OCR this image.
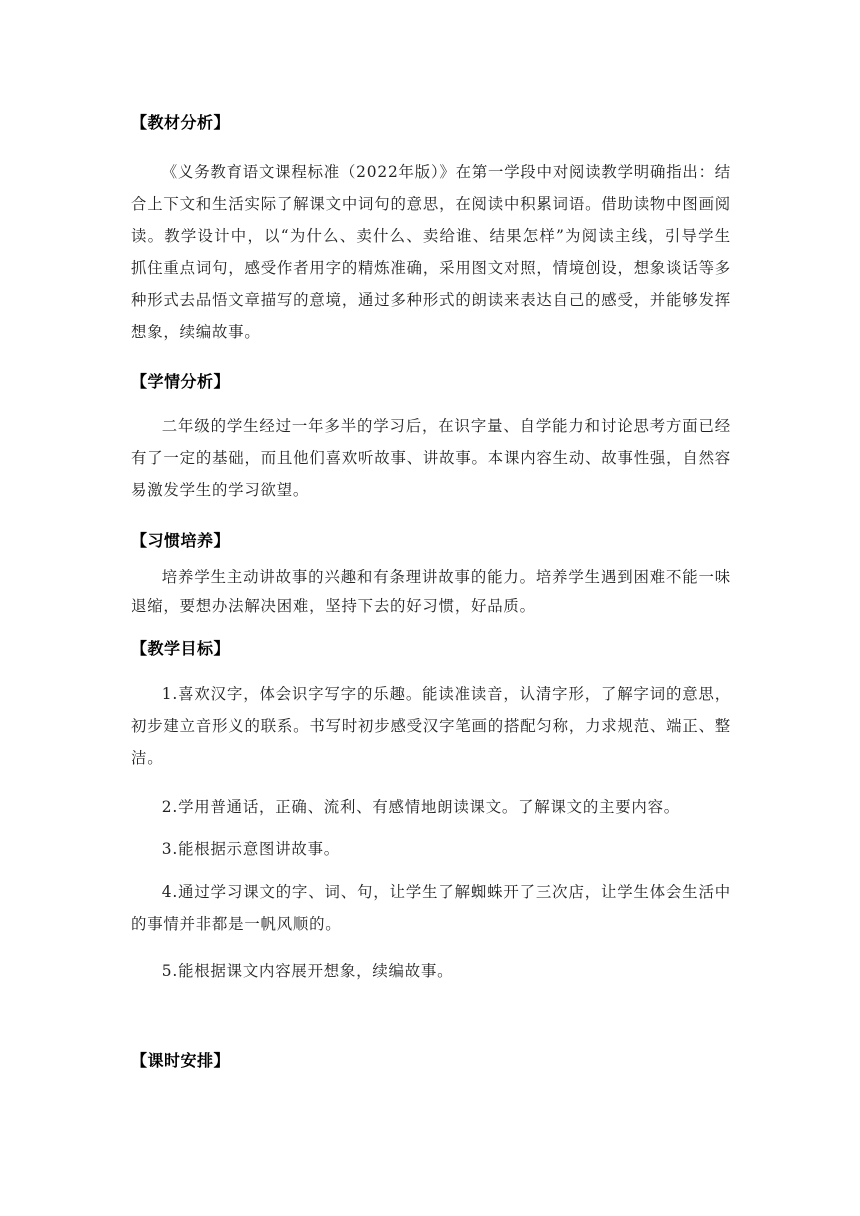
【教材分析】
《义务教育语文课程标准（2022年版）》在第一学段中对阅读教学明确指出：结合上下文和生活实际了解课文中词句的意思，在阅读中积累词语。借助读物中图画阅读。教学设计中，以“为什么、卖什么、卖给谁、结果怎样”为阅读主线，引导学生抓住重点词句，感受作者用字的精炼准确，采用图文对照，情境创设，想象谈话等多种形式去品悟文章描写的意境，通过多种形式的朗读来表达自己的感受，并能够发挥想象，续编故事。
【学情分析】
二年级的学生经过一年多半的学习后，在识字量、自学能力和讨论思考方面已经有了一定的基础，而且他们喜欢听故事、讲故事。本课内容生动、故事性强，自然容易激发学生的学习欲望。
【习惯培养】
培养学生主动讲故事的兴趣和有条理讲故事的能力。培养学生遇到困难不能一味退缩，要想办法解决困难，坚持下去的好习惯，好品质。
【教学目标】
1.喜欢汉字，体会识字写字的乐趣。能读准读音，认清字形，了解字词的意思，初步建立音形义的联系。书写时初步感受汉字笔画的搭配匀称，力求规范、端正、整洁。
2.学用普通话，正确、流利、有感情地朗读课文。了解课文的主要内容。
3.能根据示意图讲故事。
4.通过学习课文的字、词、句，让学生了解蜘蛛开了三次店，让学生体会生活中的事情并非都是一帆风顺的。
5.能根据课文内容展开想象，续编故事。
【课时安排】
